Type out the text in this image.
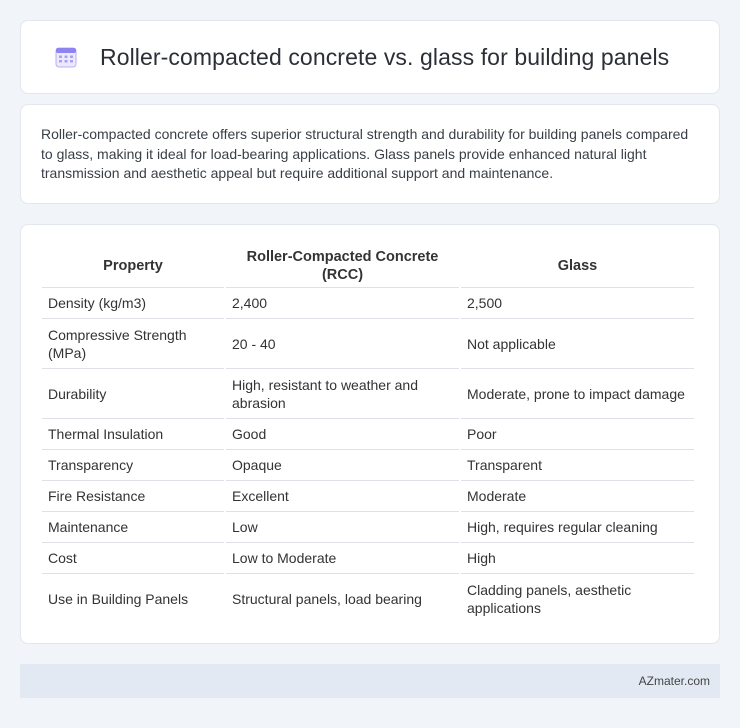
Roller-compacted concrete vs. glass for building panels

Roller-compacted concrete offers superior structural strength and durability for building panels compared to glass, making it ideal for load-bearing applications. Glass panels provide enhanced natural light transmission and aesthetic appeal but require additional support and maintenance.

Property	Roller-Compacted Concrete (RCC)	Glass
Density (kg/m3)	2,400	2,500
Compressive Strength (MPa)	20 - 40	Not applicable
Durability	High, resistant to weather and abrasion	Moderate, prone to impact damage
Thermal Insulation	Good	Poor
Transparency	Opaque	Transparent
Fire Resistance	Excellent	Moderate
Maintenance	Low	High, requires regular cleaning
Cost	Low to Moderate	High
Use in Building Panels	Structural panels, load bearing	Cladding panels, aesthetic applications
AZmater.com
